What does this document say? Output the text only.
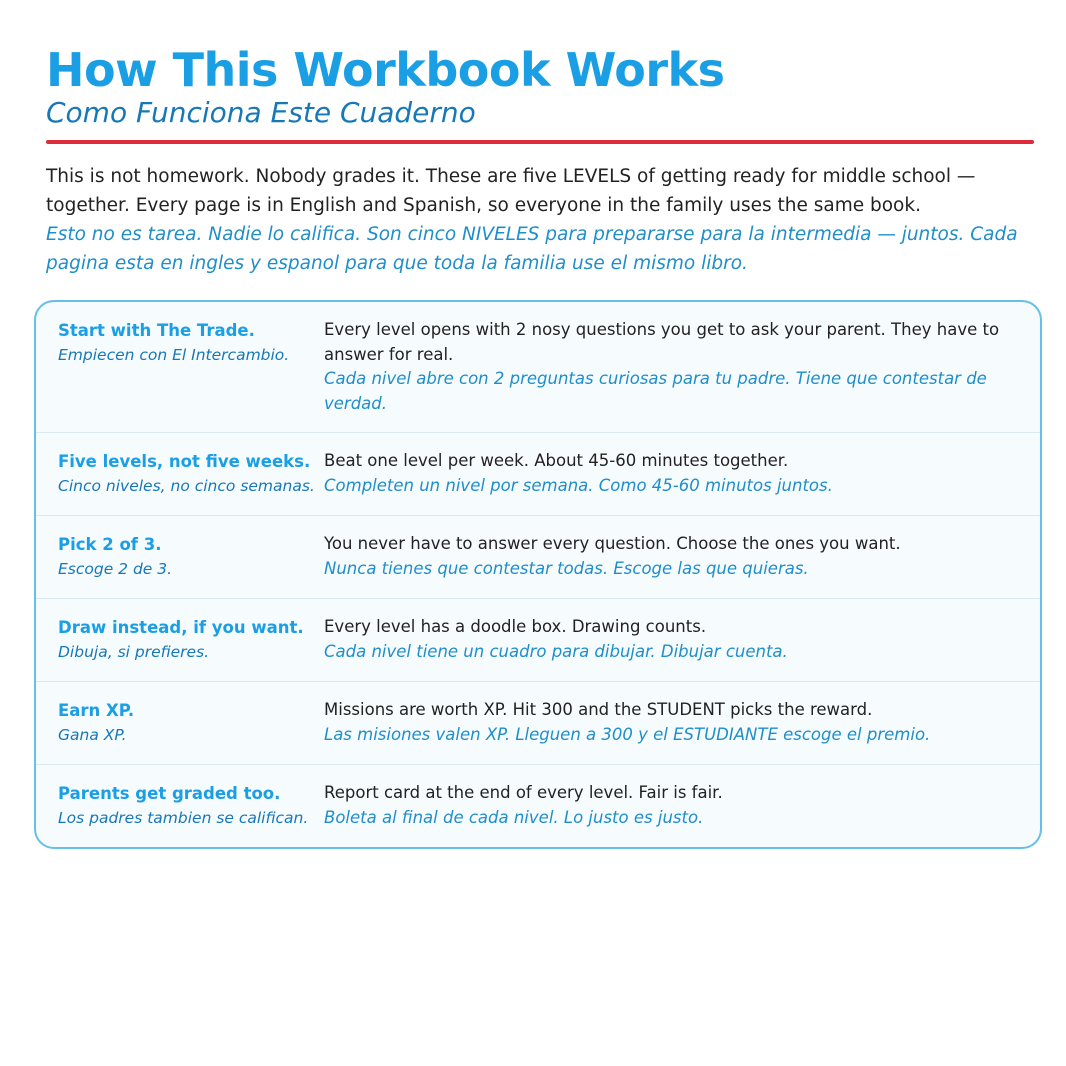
How This Workbook Works
Como Funciona Este Cuaderno
This is not homework. Nobody grades it. These are five LEVELS of getting ready for middle school — together. Every page is in English and Spanish, so everyone in the family uses the same book.
Esto no es tarea. Nadie lo califica. Son cinco NIVELES para prepararse para la intermedia — juntos. Cada pagina esta en ingles y espanol para que toda la familia use el mismo libro.
Start with The Trade.
Empiecen con El Intercambio.
Every level opens with 2 nosy questions you get to ask your parent. They have to answer for real.
Cada nivel abre con 2 preguntas curiosas para tu padre. Tiene que contestar de verdad.
Five levels, not five weeks.
Cinco niveles, no cinco semanas.
Beat one level per week. About 45-60 minutes together.
Completen un nivel por semana. Como 45-60 minutos juntos.
Pick 2 of 3.
Escoge 2 de 3.
You never have to answer every question. Choose the ones you want.
Nunca tienes que contestar todas. Escoge las que quieras.
Draw instead, if you want.
Dibuja, si prefieres.
Every level has a doodle box. Drawing counts.
Cada nivel tiene un cuadro para dibujar. Dibujar cuenta.
Earn XP.
Gana XP.
Missions are worth XP. Hit 300 and the STUDENT picks the reward.
Las misiones valen XP. Lleguen a 300 y el ESTUDIANTE escoge el premio.
Parents get graded too.
Los padres tambien se califican.
Report card at the end of every level. Fair is fair.
Boleta al final de cada nivel. Lo justo es justo.
